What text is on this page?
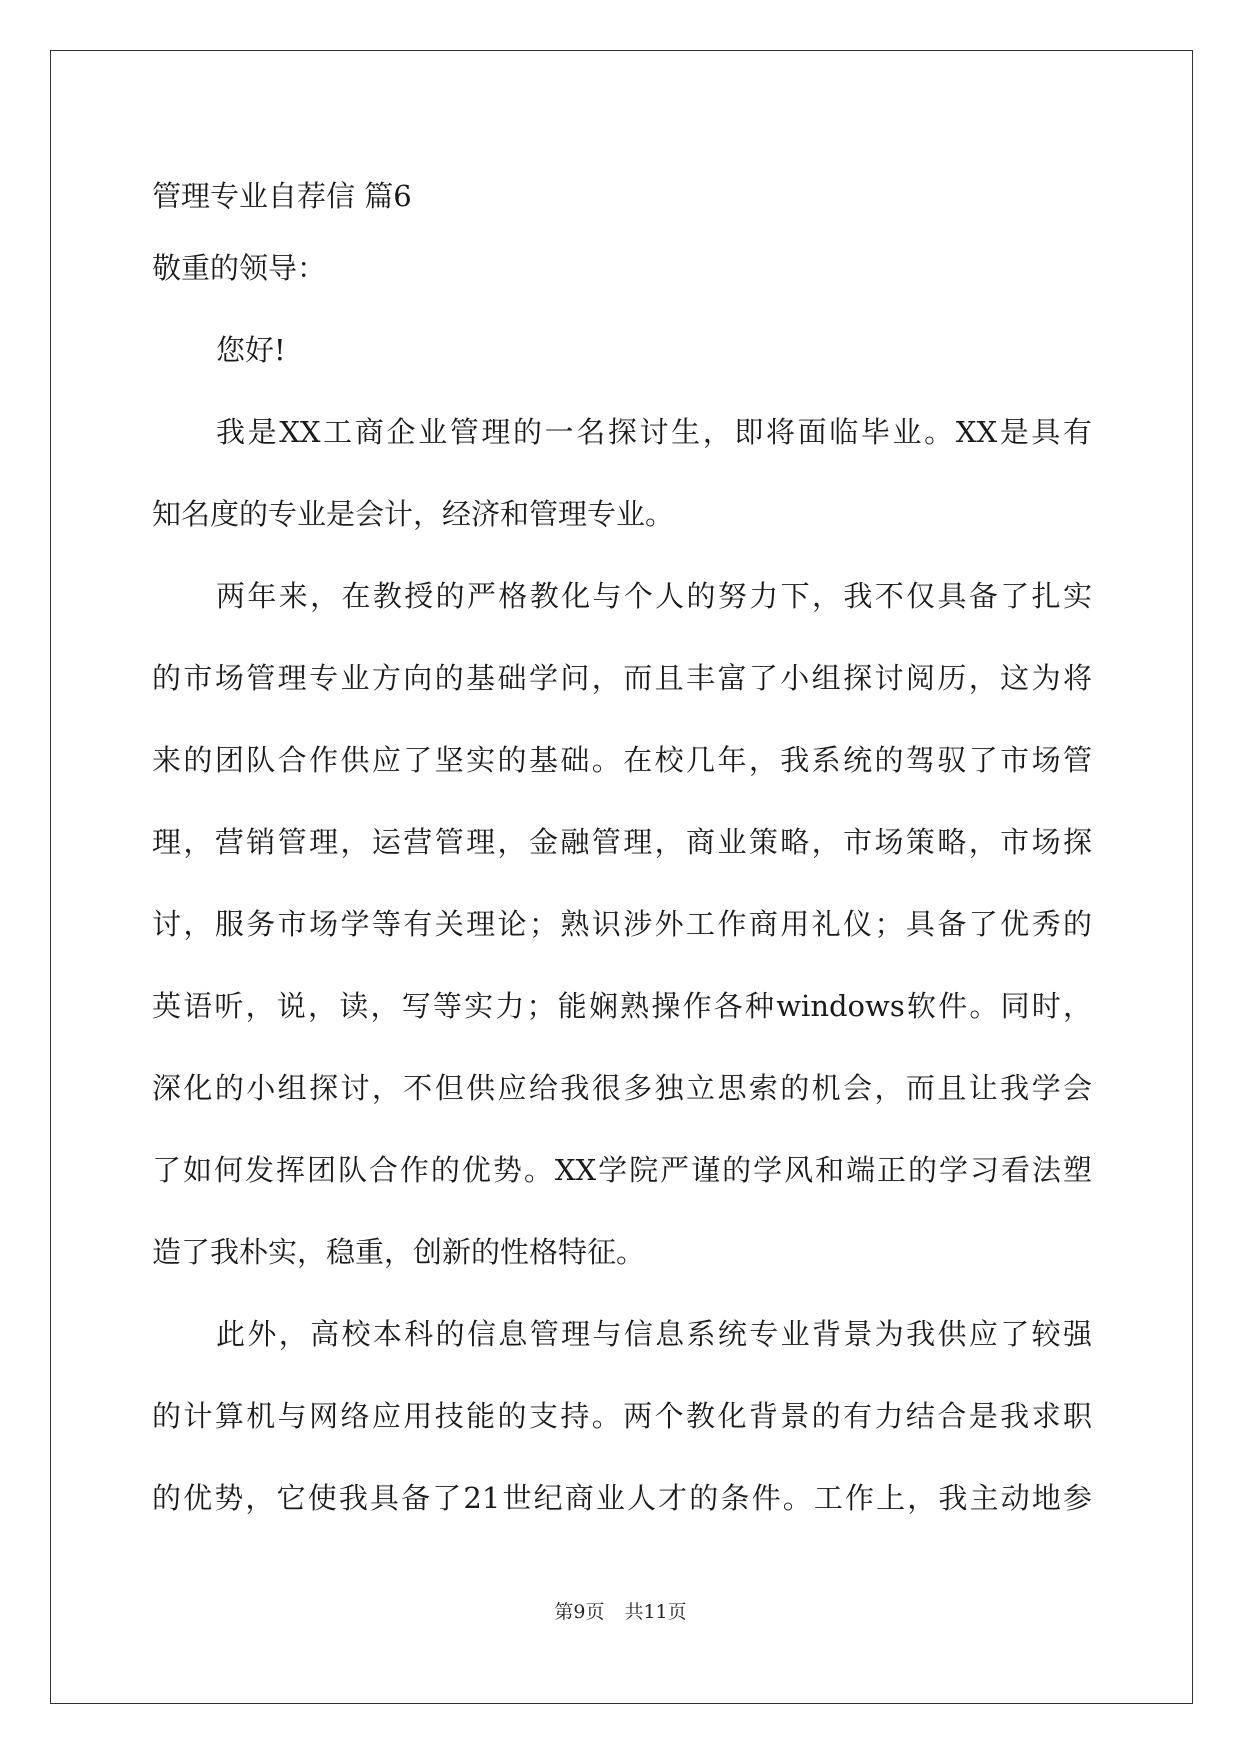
管理专业自荐信 篇6
敬重的领导：
您好!
我是XX工商企业管理的一名探讨生，即将面临毕业。XX是具有
知名度的专业是会计，经济和管理专业。
两年来，在教授的严格教化与个人的努力下，我不仅具备了扎实
的市场管理专业方向的基础学问，而且丰富了小组探讨阅历，这为将
来的团队合作供应了坚实的基础。在校几年，我系统的驾驭了市场管
理，营销管理，运营管理，金融管理，商业策略，市场策略，市场探
讨，服务市场学等有关理论；熟识涉外工作商用礼仪；具备了优秀的
英语听，说，读，写等实力；能娴熟操作各种windows软件。同时，
深化的小组探讨，不但供应给我很多独立思索的机会，而且让我学会
了如何发挥团队合作的优势。XX学院严谨的学风和端正的学习看法塑
造了我朴实，稳重，创新的性格特征。
此外，高校本科的信息管理与信息系统专业背景为我供应了较强
的计算机与网络应用技能的支持。两个教化背景的有力结合是我求职
的优势，它使我具备了21世纪商业人才的条件。工作上，我主动地参
第9页 共11页
